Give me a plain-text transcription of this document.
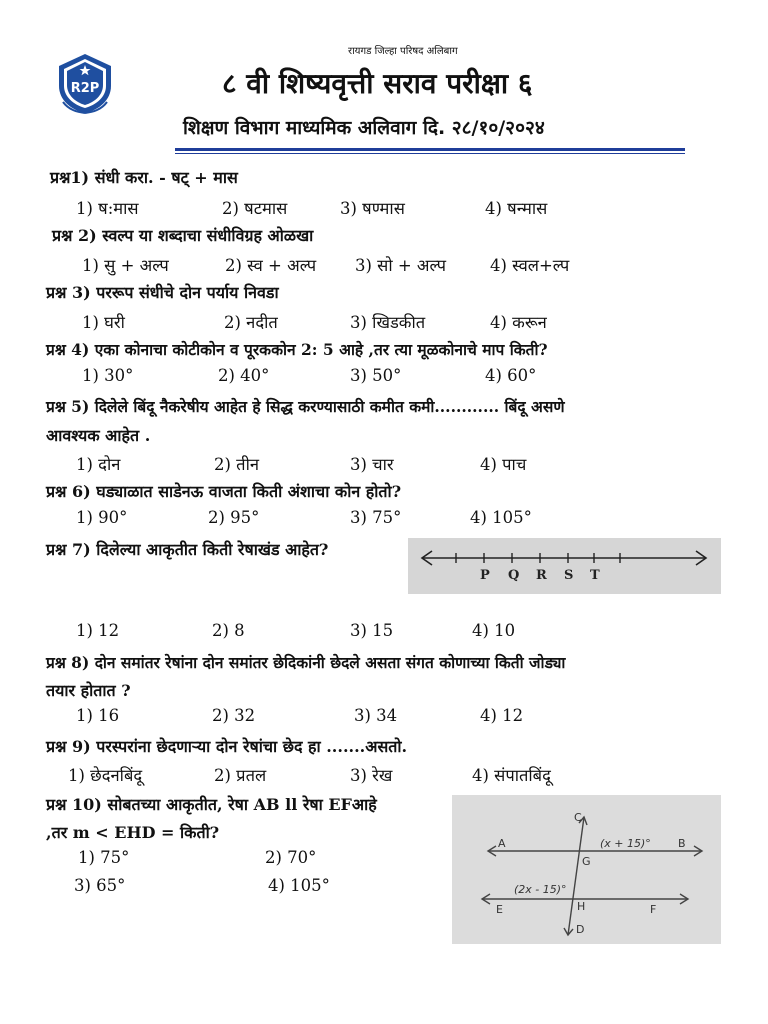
R2P
रायगड जिल्हा परिषद अलिबाग
८ वी शिष्यवृत्ती सराव परीक्षा ६
शिक्षण विभाग माध्यमिक अलिवाग दि. २८/१०/२०२४
प्रश्न1) संधी करा. - षट् + मास
1) ष:मास	2) षटमास	3) षण्मास	4) षन्मास
प्रश्न 2) स्वल्प या शब्दाचा संधीविग्रह ओळखा
1) सु + अल्प	2) स्व + अल्प 3) सो + अल्प	4) स्वल+ल्प
प्रश्न 3) पररूप संधीचे दोन पर्याय निवडा
1) घरी	2) नदीत	3) खिडकीत	4) करून
प्रश्न 4) एका कोनाचा कोटीकोन व पूरककोन 2: 5 आहे ,तर त्या मूळकोनाचे माप किती?
1) 30°	2) 40°	3) 50°	4) 60°
प्रश्न 5) दिलेले बिंदू नैकरेषीय आहेत हे सिद्ध करण्यासाठी कमीत कमी............ बिंदू असणे
आवश्यक आहेत .
1) दोन	2) तीन	3) चार	4) पाच
प्रश्न 6) घड्याळात साडेनऊ वाजता किती अंशाचा कोन होतो?
1) 90°	2) 95°	3) 75°	4) 105°
प्रश्न 7) दिलेल्या आकृतीत किती रेषाखंड आहेत?
P Q R S T
1) 12	2) 8	3) 15	4) 10
प्रश्न 8) दोन समांतर रेषांना दोन समांतर छेदिकांनी छेदले असता संगत कोणाच्या किती जोड्या
तयार होतात ?
1) 16	2) 32	3) 34	4) 12
प्रश्न 9) परस्परांना छेदणाऱ्या दोन रेषांचा छेद हा .......असतो.
1) छेदनबिंदू	2) प्रतल	3) रेख	4) संपातबिंदू
प्रश्न 10) सोबतच्या आकृतीत, रेषा AB ll रेषा EFआहे
,तर m < EHD = किती?
1) 75°	2) 70°
3) 65°	4) 105°
C
A	B
G
E	H	F
D
(x + 15)°
(2x - 15)°
